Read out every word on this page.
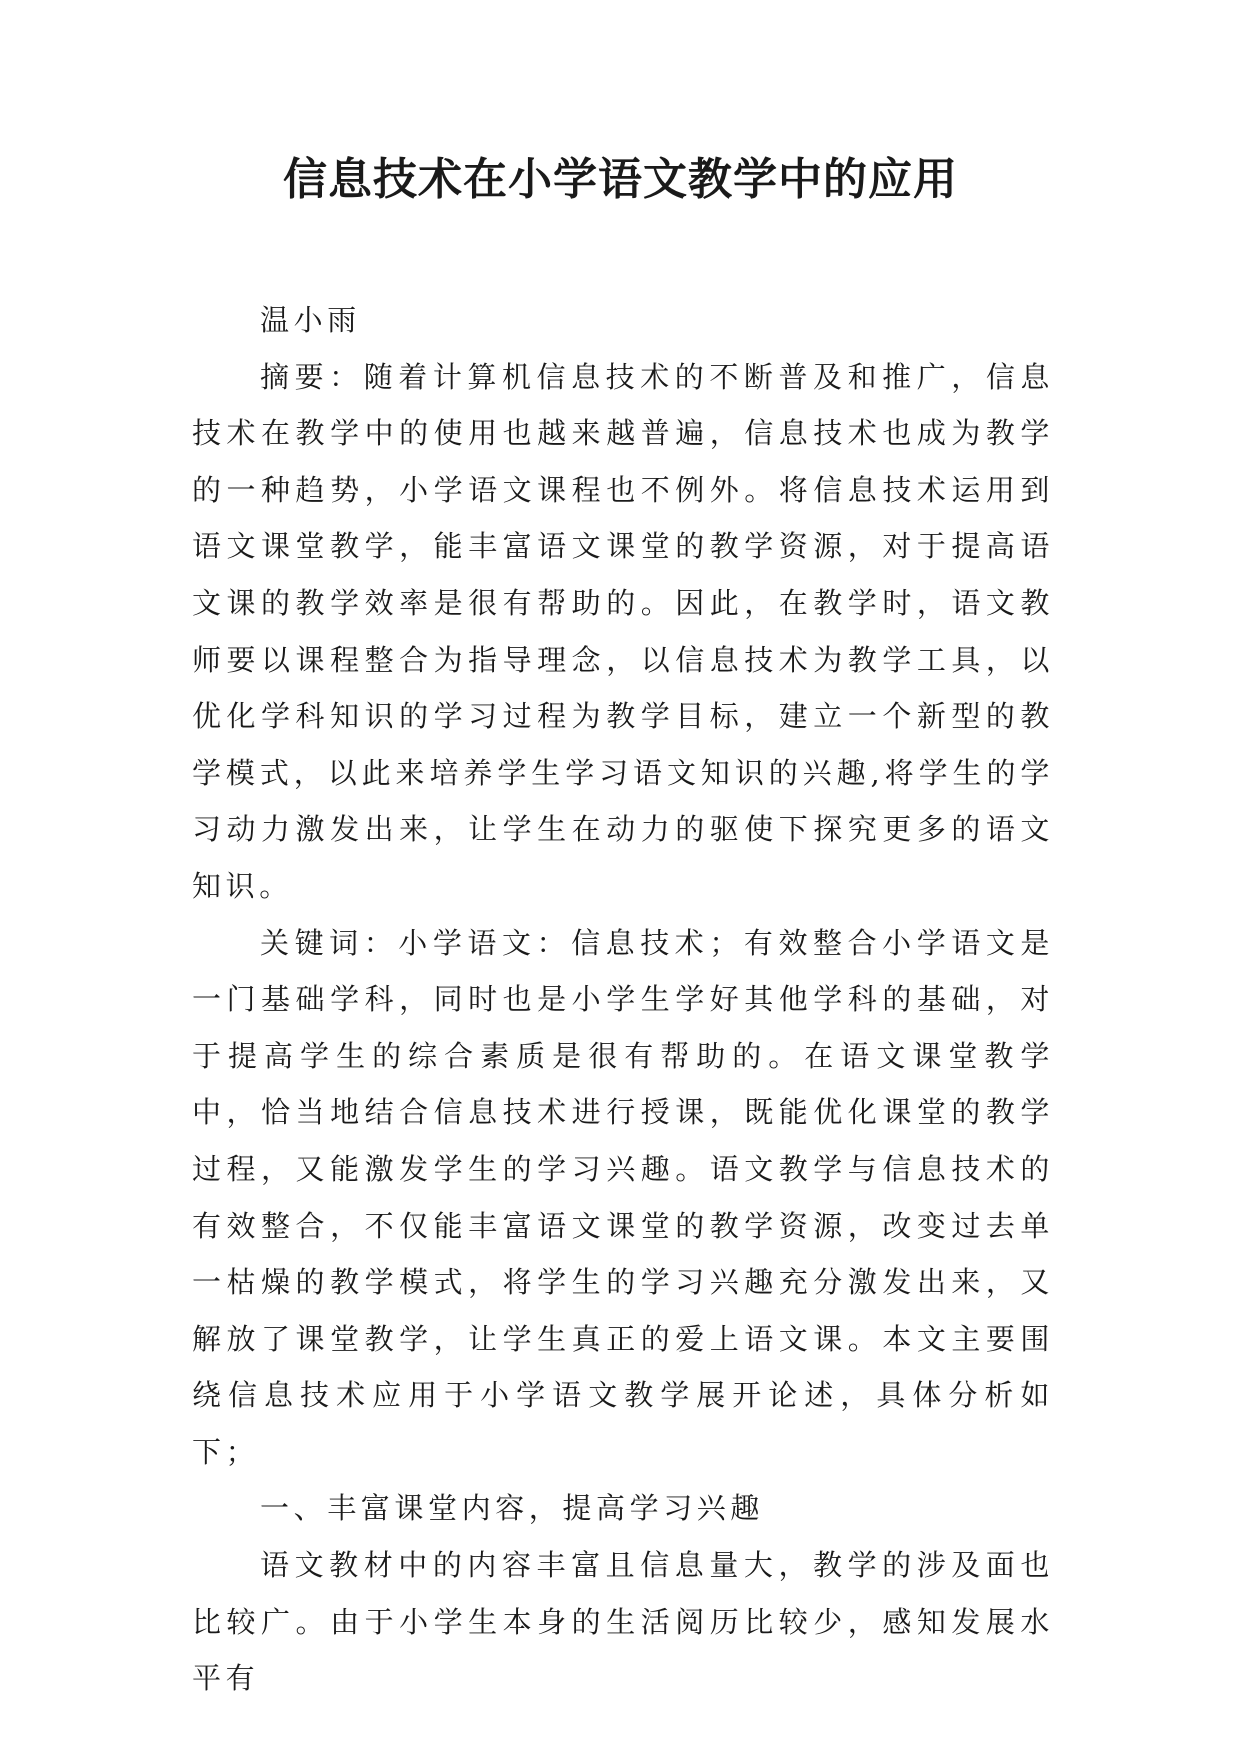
信息技术在小学语文教学中的应用

温小雨

摘要：随着计算机信息技术的不断普及和推广，信息技术在教学中的使用也越来越普遍，信息技术也成为教学的一种趋势，小学语文课程也不例外。将信息技术运用到语文课堂教学，能丰富语文课堂的教学资源，对于提高语文课的教学效率是很有帮助的。因此，在教学时，语文教师要以课程整合为指导理念，以信息技术为教学工具，以优化学科知识的学习过程为教学目标，建立一个新型的教学模式，以此来培养学生学习语文知识的兴趣,将学生的学习动力激发出来，让学生在动力的驱使下探究更多的语文知识。

关键词：小学语文：信息技术；有效整合小学语文是一门基础学科，同时也是小学生学好其他学科的基础，对于提高学生的综合素质是很有帮助的。在语文课堂教学中，恰当地结合信息技术进行授课，既能优化课堂的教学过程，又能激发学生的学习兴趣。语文教学与信息技术的有效整合，不仅能丰富语文课堂的教学资源，改变过去单一枯燥的教学模式，将学生的学习兴趣充分激发出来，又解放了课堂教学，让学生真正的爱上语文课。本文主要围绕信息技术应用于小学语文教学展开论述，具体分析如下；

一、丰富课堂内容，提高学习兴趣

语文教材中的内容丰富且信息量大，教学的涉及面也比较广。由于小学生本身的生活阅历比较少，感知发展水平有
